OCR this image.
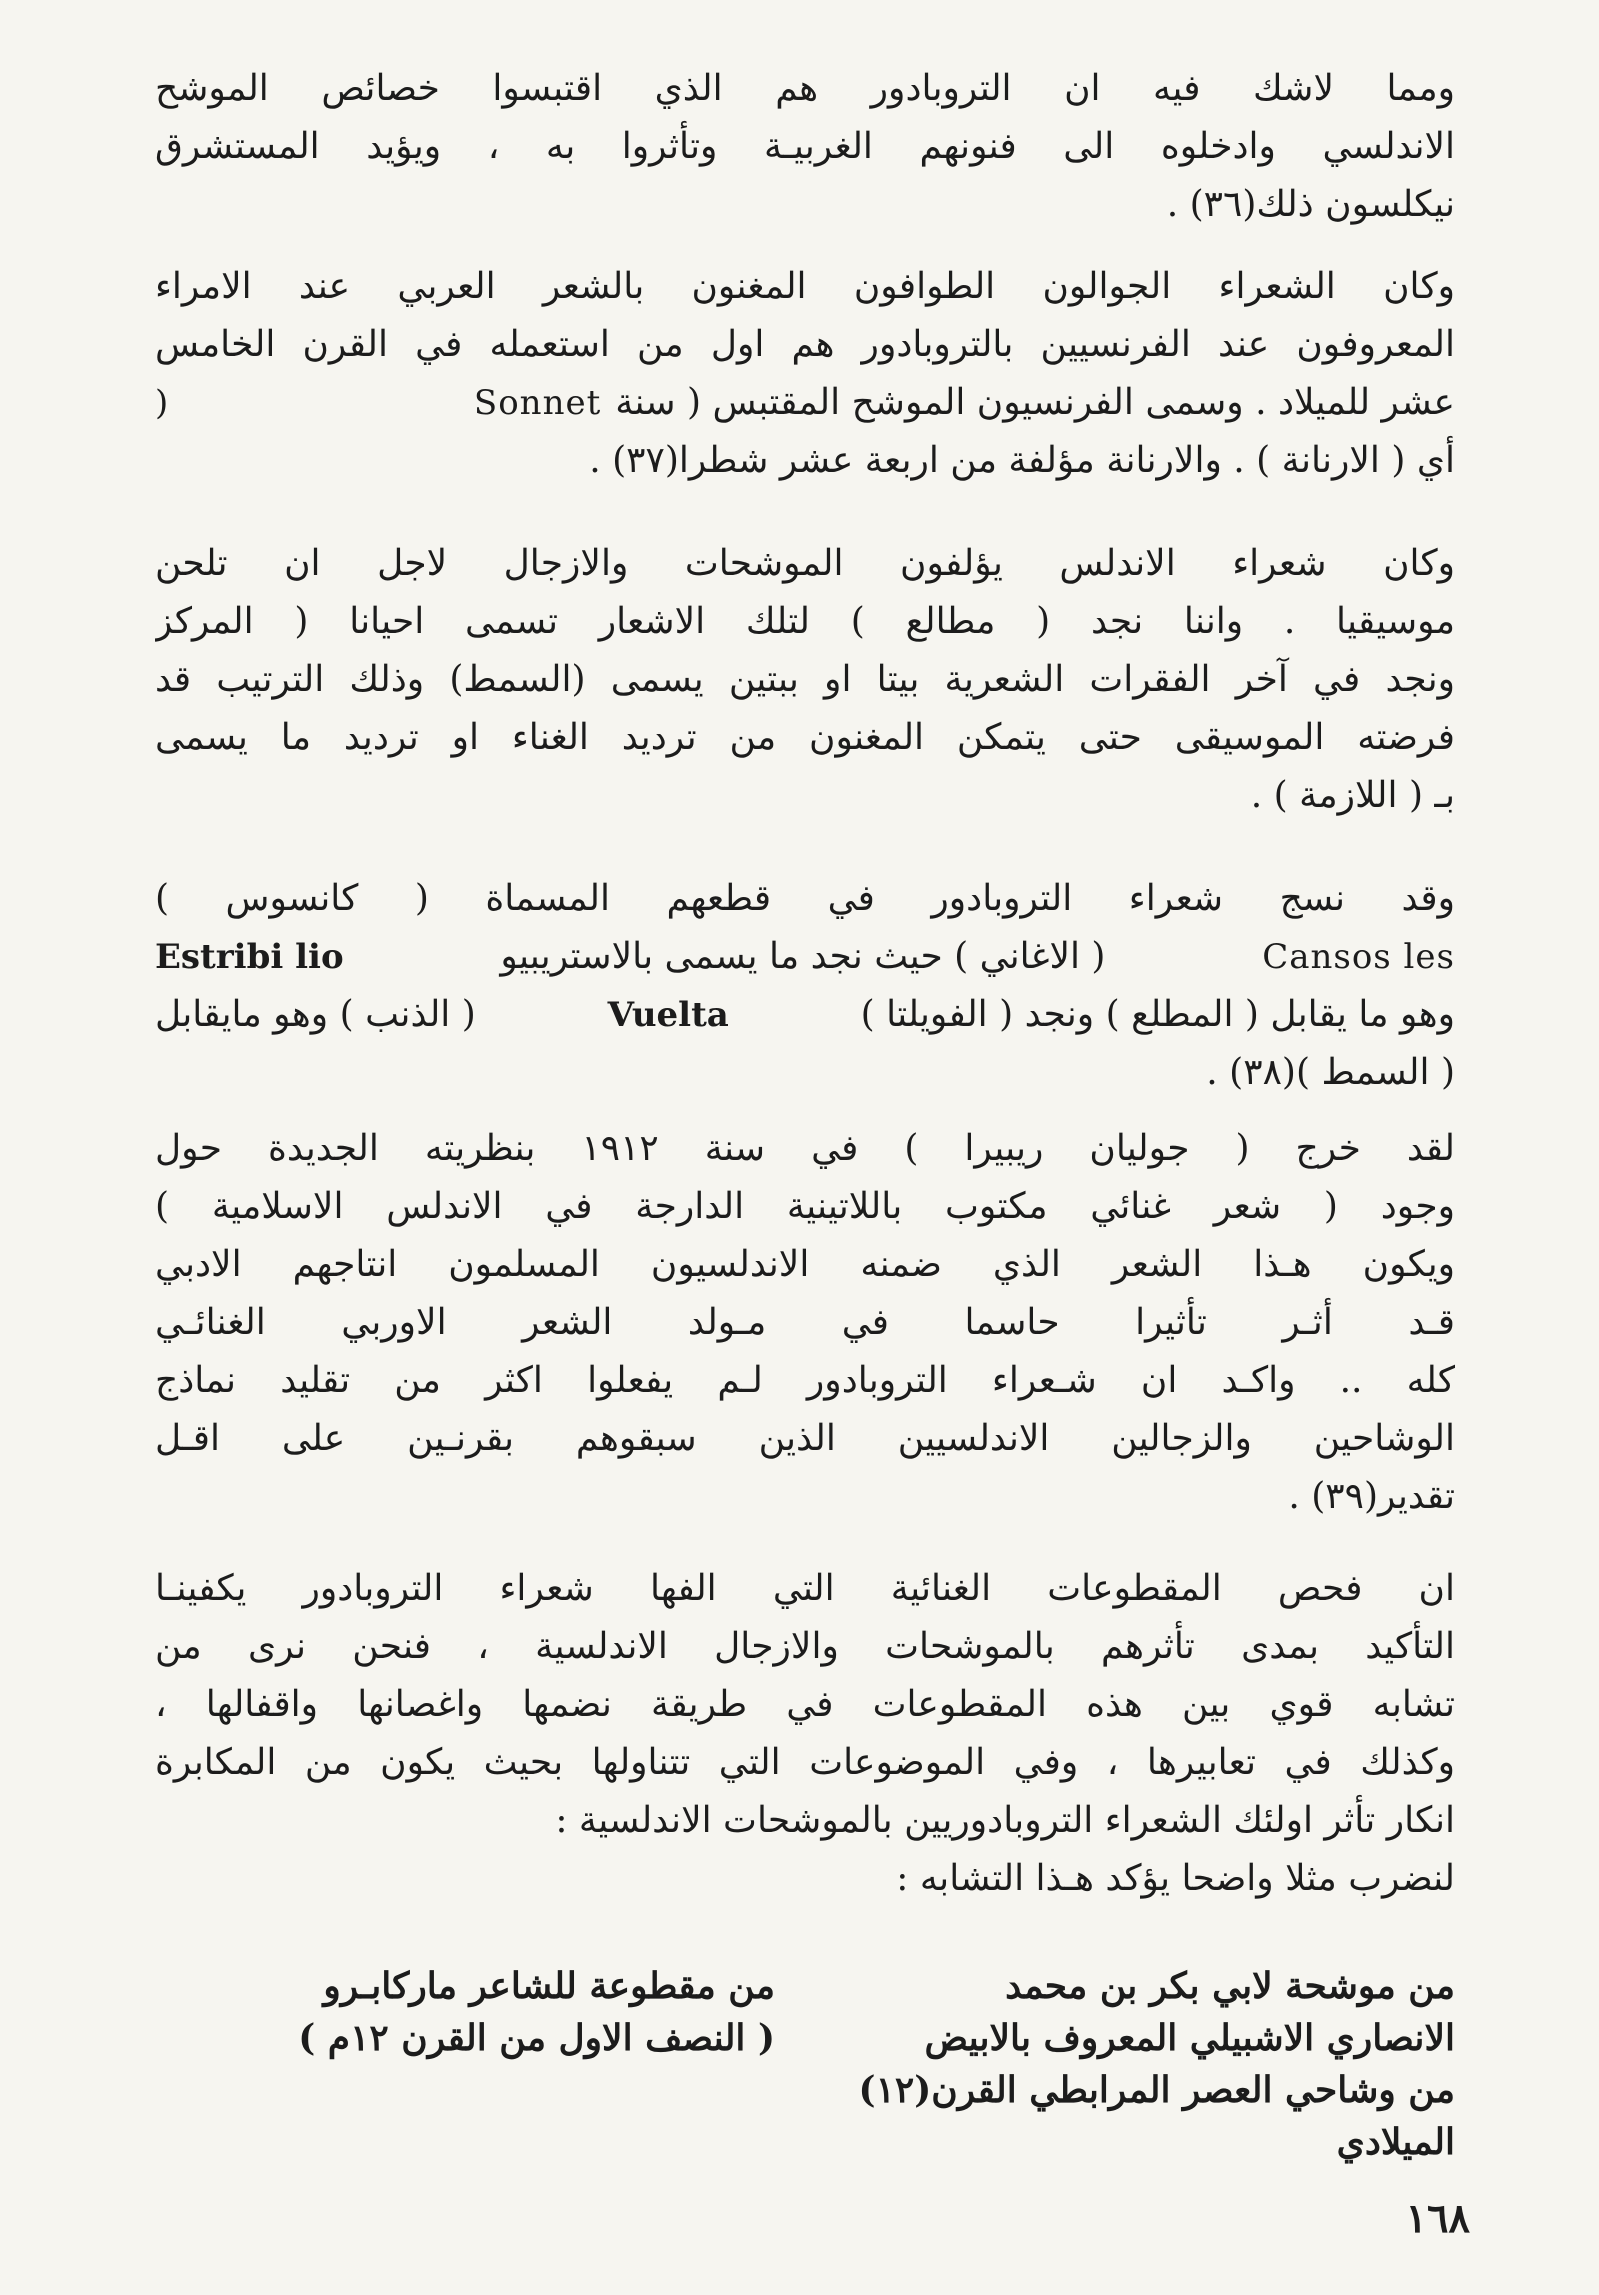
ومما لاشك فيه ان التروبادور هم الذي اقتبسوا خصائص الموشح
الاندلسي وادخلوه الى فنونهم الغربيـة وتأثروا به ، ويؤيد المستشرق
نيكلسون ذلك(٣٦) .
وكان الشعراء الجوالون الطوافون المغنون بالشعر العربي عند الامراء
المعروفون عند الفرنسيين بالتروبادور هم اول من استعمله في القرن الخامس
)	Sonnet عشر للميلاد . وسمى الفرنسيون الموشح المقتبس ( سنة
أي ( الارنانة ) . والارنانة مؤلفة من اربعة عشر شطرا(٣٧) .
وكان شعراء الاندلس يؤلفون الموشحات والازجال لاجل ان تلحن
موسيقيا . واننا نجد ( مطالع ) لتلك الاشعار تسمى احيانا ( المركز
ونجد في آخر الفقرات الشعرية بيتا او ببتين يسمى (السمط) وذلك الترتيب قد
فرضته الموسيقى حتى يتمكن المغنون من ترديد الغناء او ترديد ما يسمى
بـ ( اللازمة ) .
وقد نسج شعراء التروبادور في قطعهم المسماة ( كانسوس )
Estribi lio	( الاغاني ) حيث نجد ما يسمى بالاستريبيو	Cansos les
( الذنب ) وهو مايقابل	Vuelta	وهو ما يقابل ( المطلع ) ونجد ( الفويلتا )
( السمط )(٣٨) .
لقد خرج ( جوليان ريبيرا ) في سنة ١٩١٢ بنظريته الجديدة حول
وجود ( شعر غنائي مكتوب باللاتينية الدارجة في الاندلس الاسلامية )
ويكون هـذا الشعر الذي ضمنه الاندلسيون المسلمون انتاجهم الادبي
قـد أثـر تأثيرا حاسما في مـولد الشعر الاوربي الغنائـي
كله .. واكـد ان شـعراء التروبادور لـم يفعلوا اكثر من تقليد نماذج
الوشاحين والزجالين الاندلسيين الذين سبقوهم بقرنـين على اقـل
تقدير(٣٩) .
ان فحص المقطوعات الغنائية التي الفها شعراء التروبادور يكفينـا
التأكيد بمدى تأثرهم بالموشحات والازجال الاندلسية ، فنحن نرى من
تشابه قوي بين هذه المقطوعات في طريقة نضمها واغصانها واقفالها ،
وكذلك في تعابيرها ، وفي الموضوعات التي تتناولها بحيث يكون من المكابرة
انكار تأثر اولئك الشعراء التروبادوريين بالموشحات الاندلسية :
لنضرب مثلا واضحا يؤكد هـذا التشابه :
من موشحة لابي بكر بن محمد
الانصاري الاشبيلي المعروف بالابيض
من وشاحي العصر المرابطي القرن(١٢)
الميلادي
من مقطوعة للشاعر ماركابـرو
( النصف الاول من القرن ١٢م )
١٦٨
